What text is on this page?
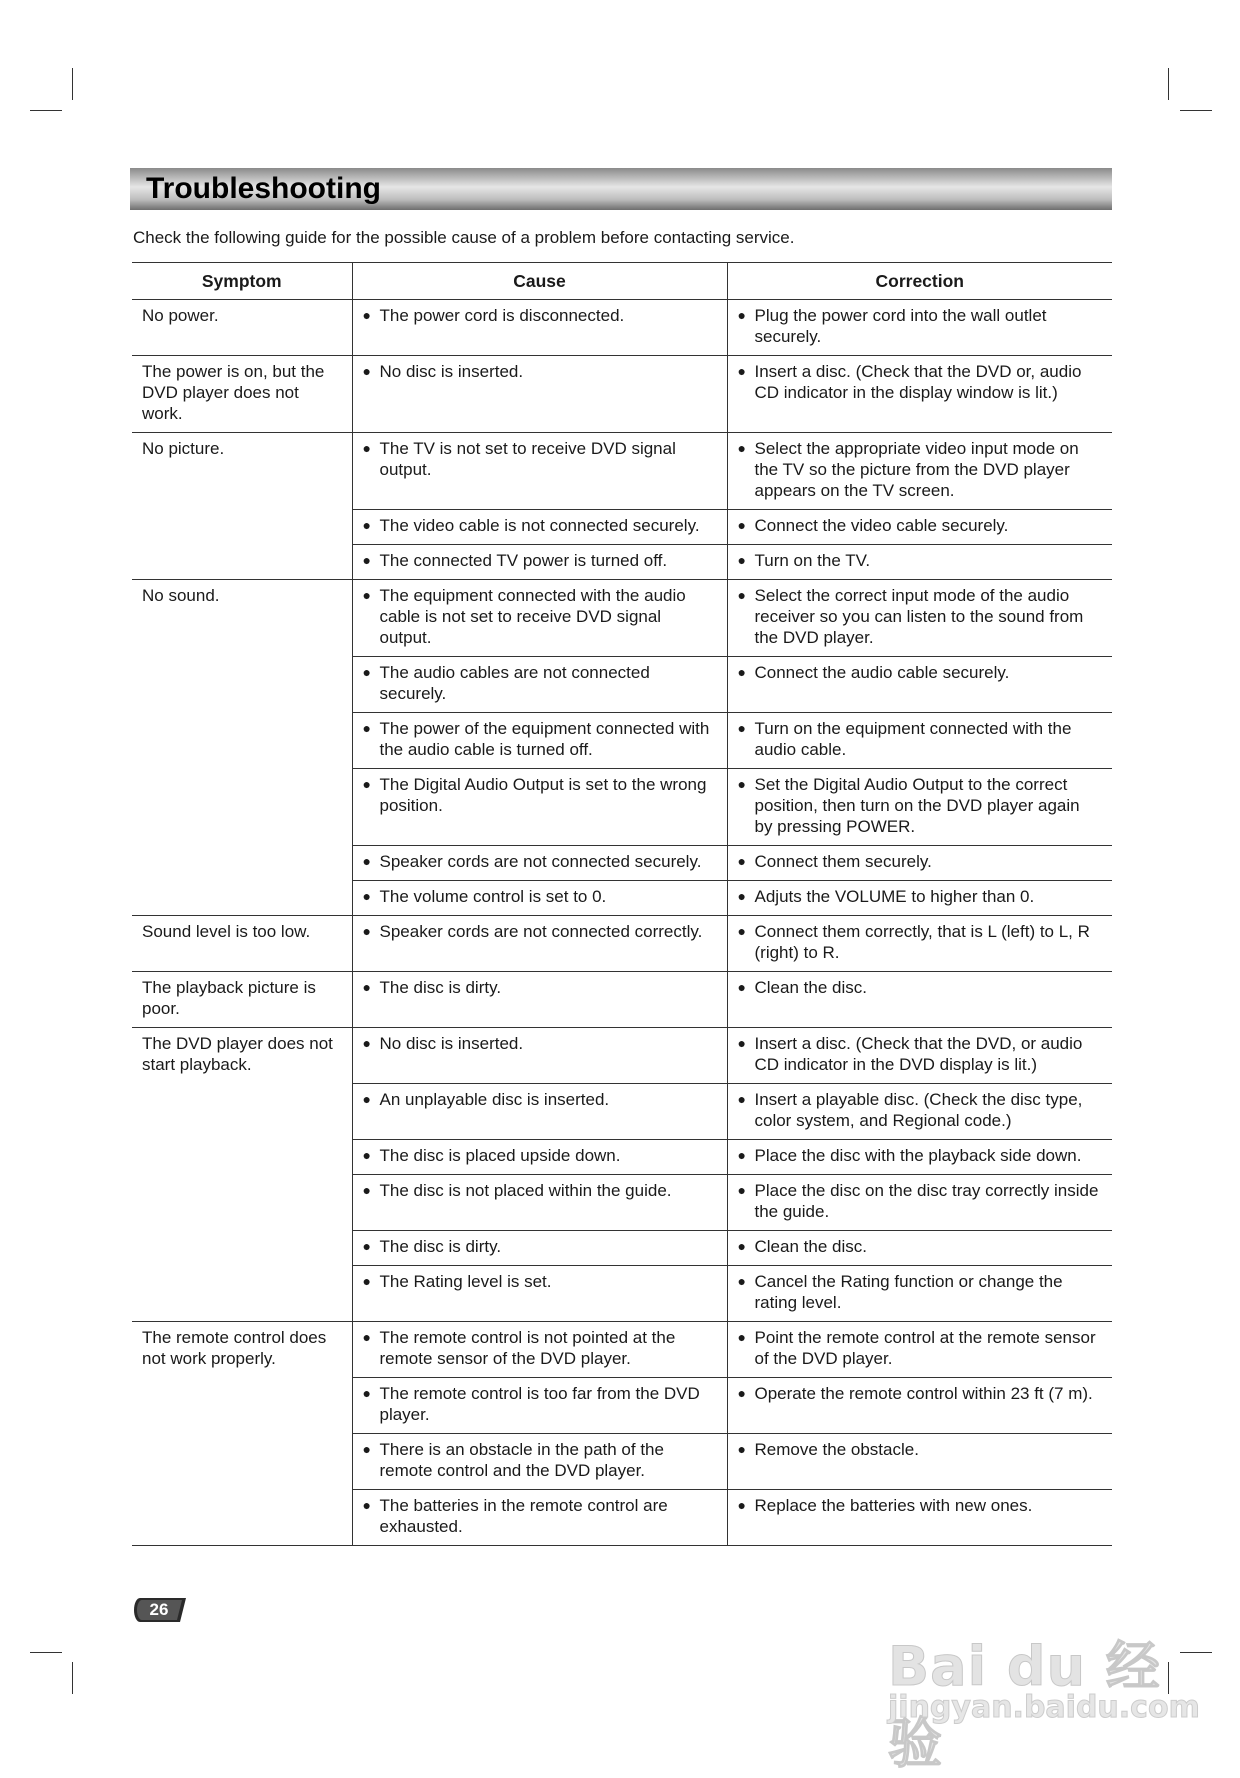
Troubleshooting
Check the following guide for the possible cause of a problem before contacting service.
Symptom	Cause	Correction
No power.	● The power cord is disconnected.	● Plug the power cord into the wall outlet securely.

The power is on, but the DVD player does not work.	● No disc is inserted.	● Insert a disc. (Check that the DVD or, audio CD indicator in the display window is lit.)

No picture.	● The TV is not set to receive DVD signal output.	● Select the appropriate video input mode on the TV so the picture from the DVD player appears on the TV screen.

	● The video cable is not connected securely.	● Connect the video cable securely.

	● The connected TV power is turned off.	● Turn on the TV.

No sound.	● The equipment connected with the audio cable is not set to receive DVD signal output.	● Select the correct input mode of the audio receiver so you can listen to the sound from the DVD player.

	● The audio cables are not connected securely.	● Connect the audio cable securely.

	● The power of the equipment connected with the audio cable is turned off.	● Turn on the equipment connected with the audio cable.

	● The Digital Audio Output is set to the wrong position.	● Set the Digital Audio Output to the correct position, then turn on the DVD player again by pressing POWER.

	● Speaker cords are not connected securely.	● Connect them securely.

	● The volume control is set to 0.	● Adjuts the VOLUME to higher than 0.

Sound level is too low.	● Speaker cords are not connected correctly.	● Connect them correctly, that is L (left) to L, R (right) to R.

The playback picture is poor.	● The disc is dirty.	● Clean the disc.

The DVD player does not start playback.	● No disc is inserted.	● Insert a disc. (Check that the DVD, or audio CD indicator in the DVD display is lit.)

	● An unplayable disc is inserted.	● Insert a playable disc. (Check the disc type, color system, and Regional code.)

	● The disc is placed upside down.	● Place the disc with the playback side down.

	● The disc is not placed within the guide.	● Place the disc on the disc tray correctly inside the guide.

	● The disc is dirty.	● Clean the disc.

	● The Rating level is set.	● Cancel the Rating function or change the rating level.

The remote control does not work properly.	● The remote control is not pointed at the remote sensor of the DVD player.	● Point the remote control at the remote sensor of the DVD player.

	● The remote control is too far from the DVD player.	● Operate the remote control within 23 ft (7 m).

	● There is an obstacle in the path of the remote control and the DVD player.	● Remove the obstacle.

	● The batteries in the remote control are exhausted.	● Replace the batteries with new ones.
26
Bai du 经验
jingyan.baidu.com
